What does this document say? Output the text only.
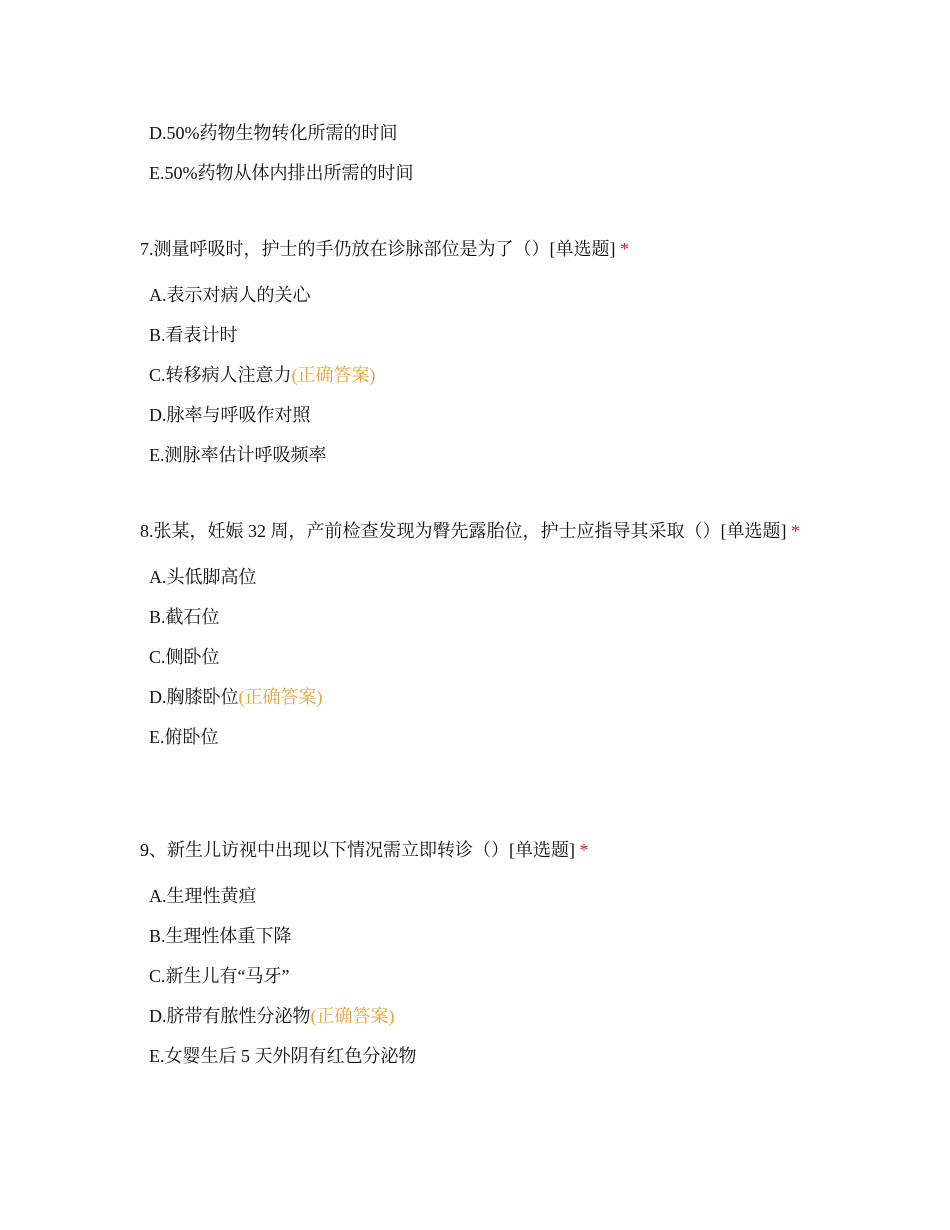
D.50%药物生物转化所需的时间
E.50%药物从体内排出所需的时间

7.测量呼吸时，护士的手仍放在诊脉部位是为了（）[单选题] *

A.表示对病人的关心
B.看表计时
C.转移病人注意力(正确答案)
D.脉率与呼吸作对照
E.测脉率估计呼吸频率

8.张某，妊娠 32 周，产前检查发现为臀先露胎位，护士应指导其采取（）[单选题] *

A.头低脚高位
B.截石位
C.侧卧位
D.胸膝卧位(正确答案)
E.俯卧位

9、新生儿访视中出现以下情况需立即转诊（）[单选题] *

A.生理性黄疸
B.生理性体重下降
C.新生儿有“马牙”
D.脐带有脓性分泌物(正确答案)
E.女婴生后 5 天外阴有红色分泌物
